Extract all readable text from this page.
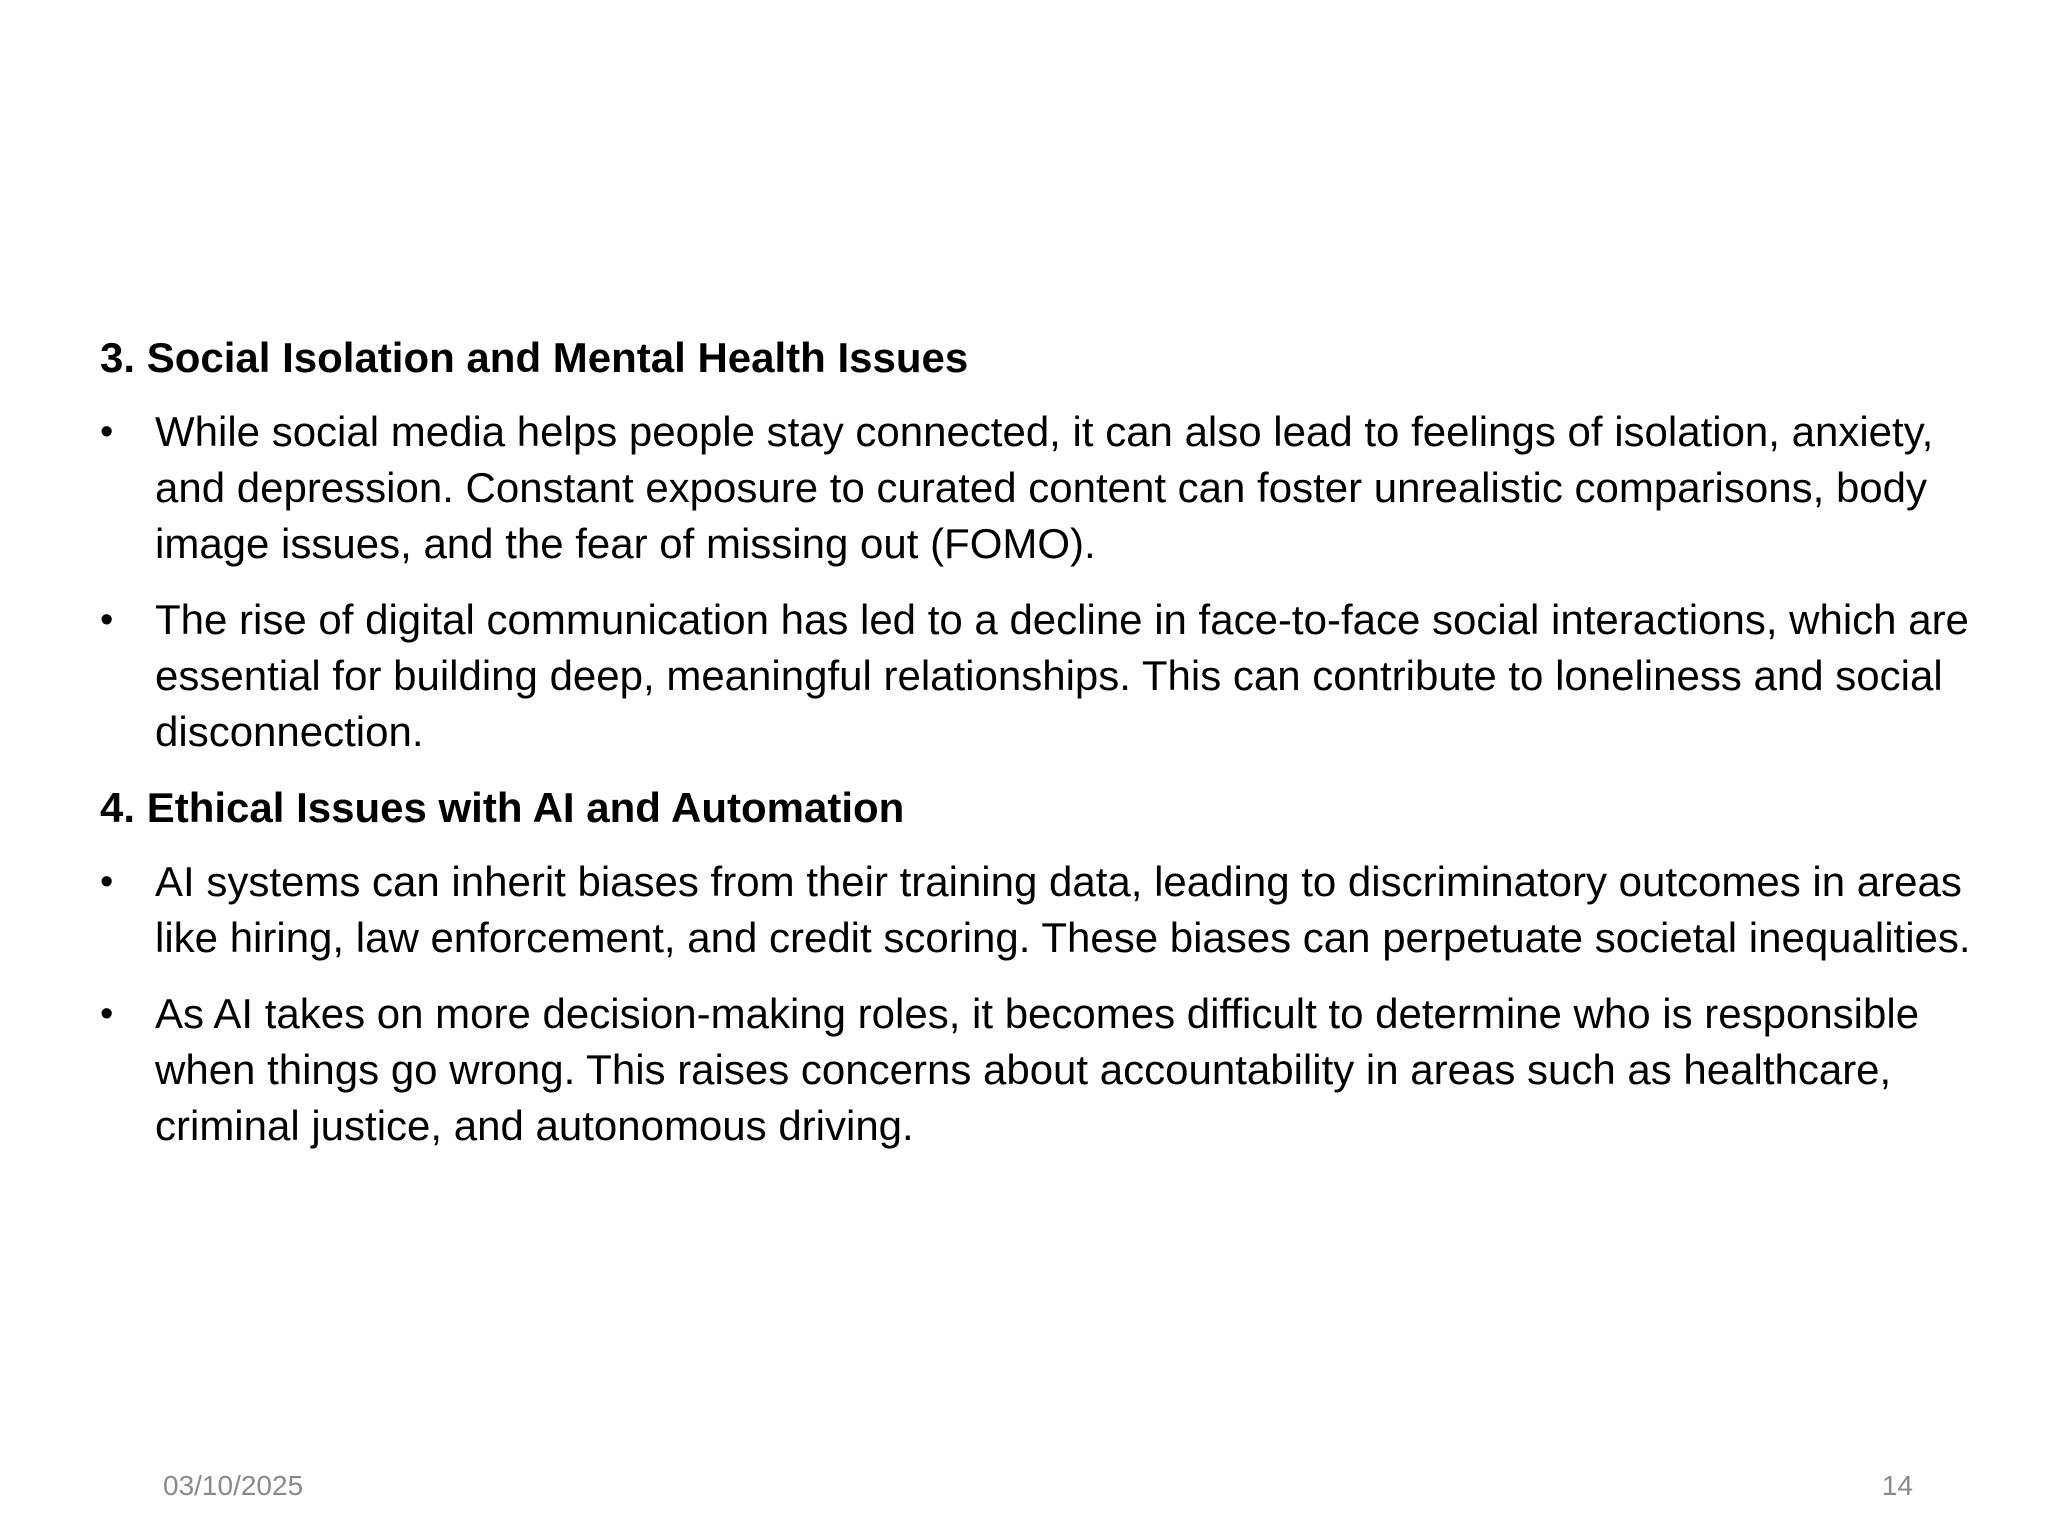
3. Social Isolation and Mental Health Issues
• While social media helps people stay connected, it can also lead to feelings of isolation, anxiety, and depression. Constant exposure to curated content can foster unrealistic comparisons, body image issues, and the fear of missing out (FOMO).
• The rise of digital communication has led to a decline in face-to-face social interactions, which are essential for building deep, meaningful relationships. This can contribute to loneliness and social disconnection.
4. Ethical Issues with AI and Automation
• AI systems can inherit biases from their training data, leading to discriminatory outcomes in areas like hiring, law enforcement, and credit scoring. These biases can perpetuate societal inequalities.
• As AI takes on more decision-making roles, it becomes difficult to determine who is responsible when things go wrong. This raises concerns about accountability in areas such as healthcare, criminal justice, and autonomous driving.
03/10/2025	14
